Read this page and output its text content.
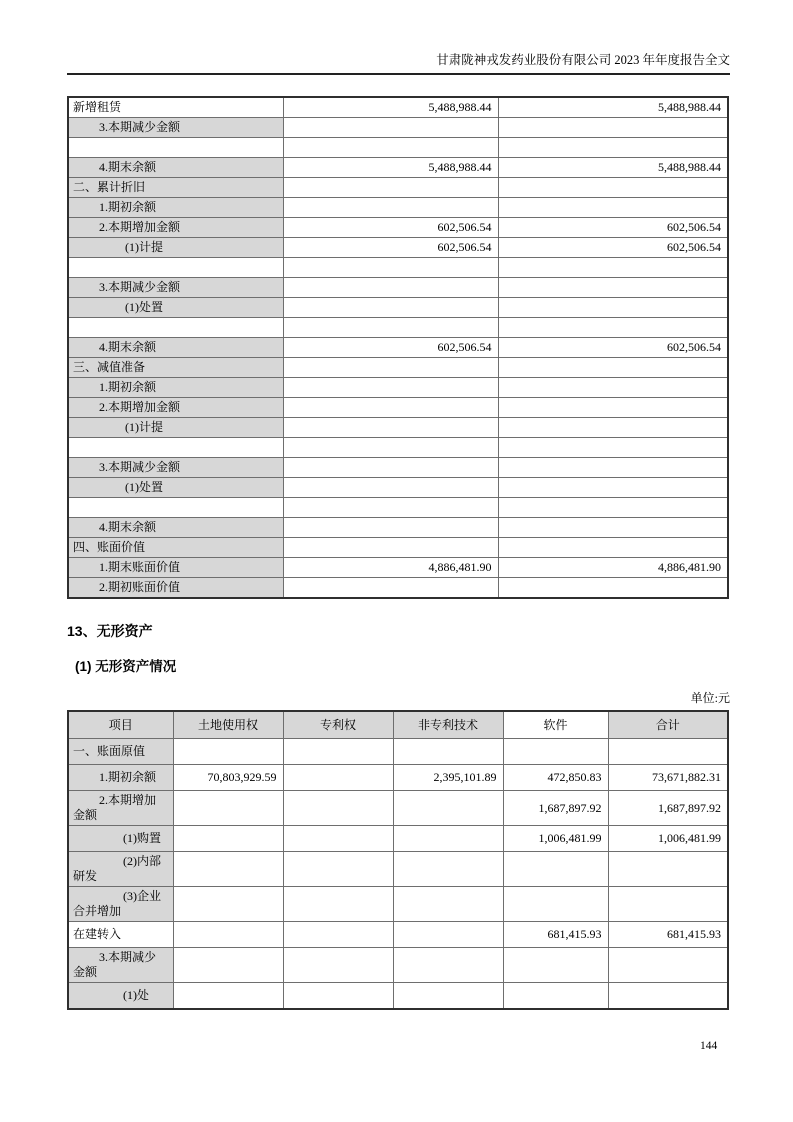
甘肃陇神戎发药业股份有限公司 2023 年年度报告全文
新增租赁	5,488,988.44	5,488,988.44
3.本期减少金额		

4.期末余额	5,488,988.44	5,488,988.44
二、累计折旧		
1.期初余额		
2.本期增加金额	602,506.54	602,506.54
(1)计提	602,506.54	602,506.54

3.本期减少金额		
(1)处置		

4.期末余额	602,506.54	602,506.54
三、减值准备		
1.期初余额		
2.本期增加金额		
(1)计提		

3.本期减少金额		
(1)处置		

4.期末余额		
四、账面价值		
1.期末账面价值	4,886,481.90	4,886,481.90
2.期初账面价值		
13、无形资产
(1) 无形资产情况
单位:元
项目	土地使用权	专利权	非专利技术	软件	合计
一、账面原值					
1.期初余额	70,803,929.59		2,395,101.89	472,850.83	73,671,882.31
2.本期增加金额				1,687,897.92	1,687,897.92
(1)购置				1,006,481.99	1,006,481.99
(2)内部研发					
(3)企业合并增加					
在建转入				681,415.93	681,415.93
3.本期减少金额					
(1)处					
144
